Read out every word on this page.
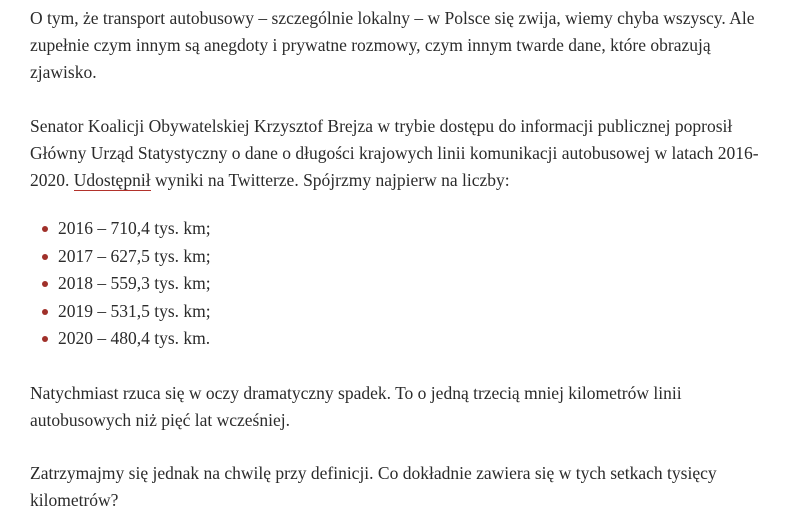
O tym, że transport autobusowy – szczególnie lokalny – w Polsce się zwija, wiemy chyba wszyscy. Ale
zupełnie czym innym są anegdoty i prywatne rozmowy, czym innym twarde dane, które obrazują
zjawisko.

Senator Koalicji Obywatelskiej Krzysztof Brejza w trybie dostępu do informacji publicznej poprosił
Główny Urząd Statystyczny o dane o długości krajowych linii komunikacji autobusowej w latach 2016-
2020. Udostępnił wyniki na Twitterze. Spójrzmy najpierw na liczby:

2016 – 710,4 tys. km;
2017 – 627,5 tys. km;
2018 – 559,3 tys. km;
2019 – 531,5 tys. km;
2020 – 480,4 tys. km.

Natychmiast rzuca się w oczy dramatyczny spadek. To o jedną trzecią mniej kilometrów linii
autobusowych niż pięć lat wcześniej.

Zatrzymajmy się jednak na chwilę przy definicji. Co dokładnie zawiera się w tych setkach tysięcy
kilometrów?
